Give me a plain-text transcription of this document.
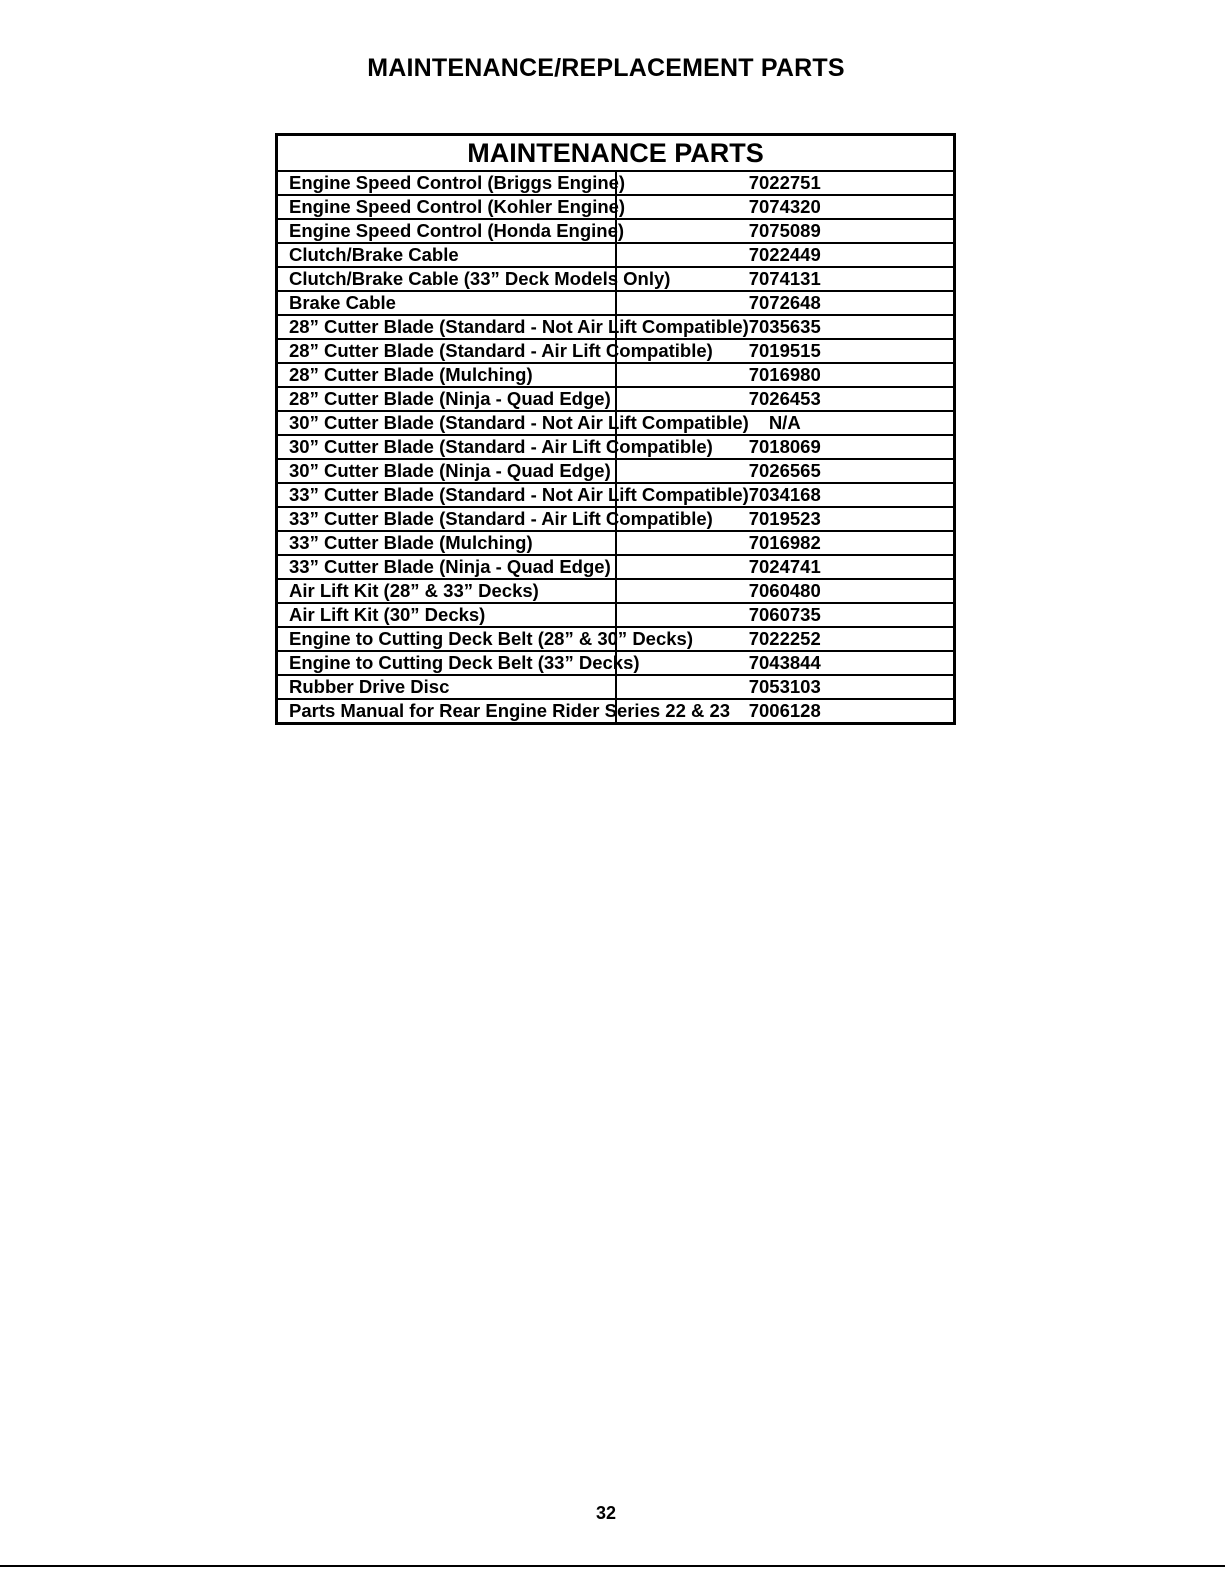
MAINTENANCE/REPLACEMENT PARTS
MAINTENANCE PARTS	
Engine Speed Control (Briggs Engine)	7022751
Engine Speed Control (Kohler Engine)	7074320
Engine Speed Control (Honda Engine)	7075089
Clutch/Brake Cable	7022449
Clutch/Brake Cable (33” Deck Models Only)	7074131
Brake Cable	7072648
28” Cutter Blade (Standard - Not Air Lift Compatible)	7035635
28” Cutter Blade (Standard - Air Lift Compatible)	7019515
28” Cutter Blade (Mulching)	7016980
28” Cutter Blade (Ninja - Quad Edge)	7026453
30” Cutter Blade (Standard - Not Air Lift Compatible)	N/A
30” Cutter Blade (Standard - Air Lift Compatible)	7018069
30” Cutter Blade (Ninja - Quad Edge)	7026565
33” Cutter Blade (Standard - Not Air Lift Compatible)	7034168
33” Cutter Blade (Standard - Air Lift Compatible)	7019523
33” Cutter Blade (Mulching)	7016982
33” Cutter Blade (Ninja - Quad Edge)	7024741
Air Lift Kit (28” & 33” Decks)	7060480
Air Lift Kit (30” Decks)	7060735
Engine to Cutting Deck Belt (28” & 30” Decks)	7022252
Engine to Cutting Deck Belt (33” Decks)	7043844
Rubber Drive Disc	7053103
Parts Manual for Rear Engine Rider Series 22 & 23	7006128
32
